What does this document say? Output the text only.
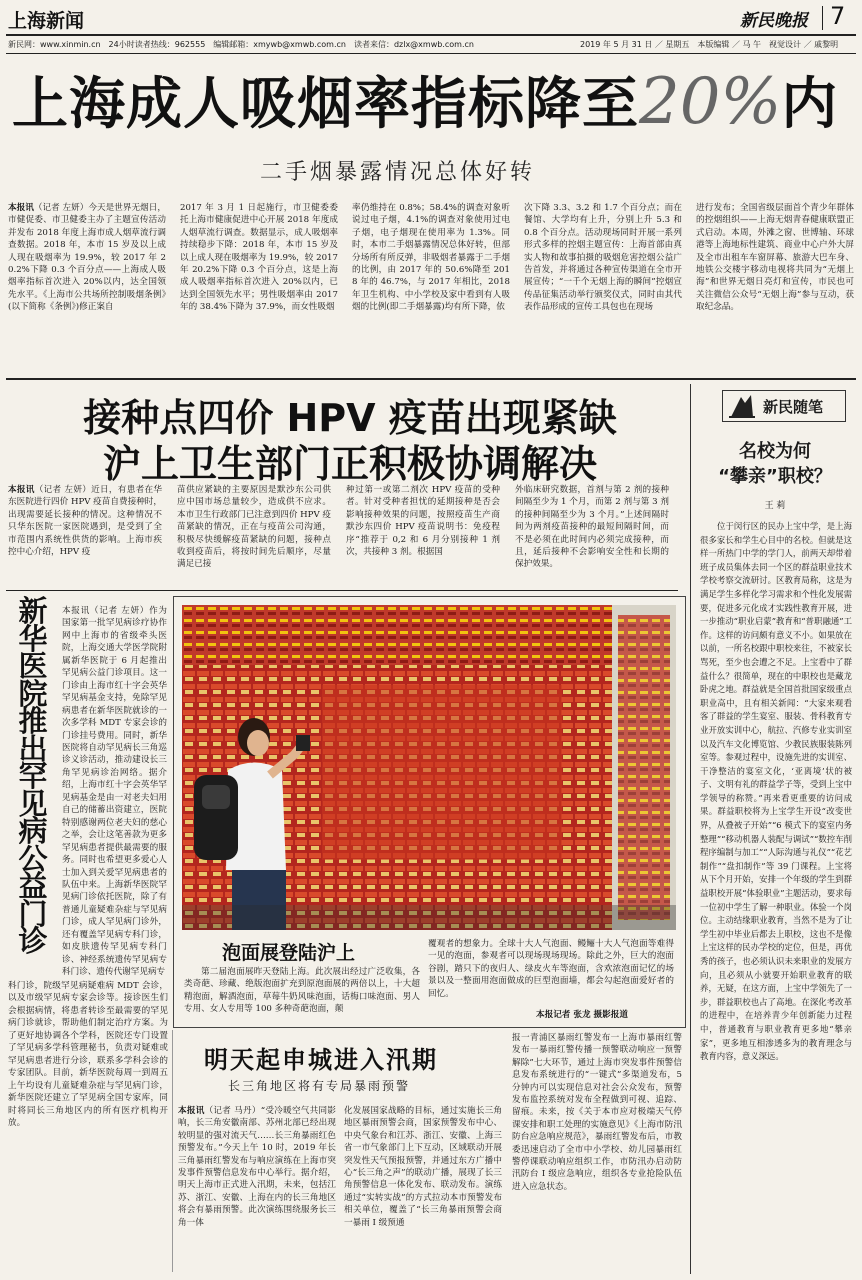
上海新闻	新民晚报 7
新民网：www.xinmin.cn　24小时读者热线：962555　编辑邮箱：xmywb@xmwb.com.cn　读者来信：dzlx@xmwb.com.cn	2019 年 5 月 31 日 ／ 星期五　本版编辑 ／ 马 午　视觉设计 ／ 戚黎明
上海成人吸烟率指标降至20%内
二手烟暴露情况总体好转
本报讯（记者 左妍）今天是世界无烟日，市健促委、市卫健委主办了主题宣传活动并发布 2018 年度上海市成人烟草流行调查数据。2018 年，本市 15 岁及以上成人现在吸烟率为 19.9%，较 2017 年 20.2%下降 0.3 个百分点——上海成人吸烟率指标首次进入 20%以内，达全国领先水平。《上海市公共场所控制吸烟条例》(以下简称《条例》)修正案自
2017 年 3 月 1 日起施行，市卫健委委托上海市健康促进中心开展 2018 年度成人烟草流行调查。数据显示，成人吸烟率持续稳步下降：2018 年，本市 15 岁及以上成人现在吸烟率为 19.9%，较 2017 年 20.2%下降 0.3 个百分点，这是上海成人吸烟率指标首次进入 20%以内，已达到全国领先水平；男性吸烟率由 2017 年的 38.4%下降为 37.9%，而女性吸烟
率仍维持在 0.8%；58.4%的调查对象听说过电子烟，4.1%的调查对象使用过电子烟，电子烟现在使用率为 1.3%。同时，本市二手烟暴露情况总体好转，但部分场所有所反弹，非吸烟者暴露于二手烟的比例，由 2017 年的 50.6%降至 2018 年的 46.7%，与 2017 年相比，2018 年卫生机构、中小学校及家中看到有人吸烟的比例(即二手烟暴露)均有所下降，依
次下降 3.3、3.2 和 1.7 个百分点；而在餐馆、大学均有上升，分别上升 5.3 和 0.8 个百分点。活动现场同时开展一系列形式多样的控烟主题宣传：上海首部由真实人物和故事拍摄的吸烟危害控烟公益广告首发，并将通过各种宣传渠道在全市开展宣传；“一千个无烟上海的瞬间”控烟宣传品征集活动举行颁奖仪式，同时由其代表作品形成的宣传工具包也在现场
进行发布；全国省级层面首个青少年群体的控烟组织——上海无烟青春健康联盟正式启动。本周，外滩之窗、世博轴、环球港等上海地标性建筑、商业中心户外大屏及全市出租车车窗屏幕、旅游大巴车身、地铁公交楼宇移动电视将共同为“无烟上海”和世界无烟日亮灯和宣传，市民也可关注微信公众号“无烟上海”参与互动，获取纪念品。
接种点四价 HPV 疫苗出现紧缺
沪上卫生部门正积极协调解决
本报讯（记者 左妍）近日，有患者在华东医院进行四价 HPV 疫苗自费接种时，出现需要延长接种的情况。这种情况不只华东医院一家医院遇到，是受到了全市范围内系统性供货的影响。上海市疾控中心介绍，HPV 疫
苗供应紧缺的主要原因是默沙东公司供应中国市场总量较少，造成供不应求。本市卫生行政部门已注意到四价 HPV 疫苗紧缺的情况，正在与疫苗公司沟通，积极尽快缓解疫苗紧缺的问题，接种点收到疫苗后，将按时间先后顺序，尽量满足已接
种过第一或第二剂次 HPV 疫苗的受种者。针对受种者担忧的延期接种是否会影响接种效果的问题，按照疫苗生产商默沙东四价 HPV 疫苗说明书：免疫程序“推荐于 0,2 和 6 月分别接种 1 剂次，共接种 3 剂。根据国
外临床研究数据，首剂与第 2 剂的接种间隔至少为 1 个月，而第 2 剂与第 3 剂的接种间隔至少为 3 个月。”上述间隔时间为两剂疫苗接种的最短间隔时间，而不是必须在此时间内必须完成接种，而且，延后接种不会影响安全性和长期的保护效果。
新民随笔
名校为何
“攀亲”职校？
王 莉
位于闵行区的民办上宝中学，是上海很多家长和学生心目中的名校。但就是这样一所热门中学的学门人，前两天却带着班子成员集体去同一个区的群益职业技术学校考察交流研讨。区教育局称，这是为满足学生多样化学习需求和个性化发展需要，促进多元化成才实践性教育开展，进一步推动“职业启蒙”教育和“普职融通”工作。这样的访问颇有意义不小。如果放在以前，一所名校跟中职校来往，不被家长骂死，至少也会遭之不足。上宝看中了群益什么？很简单，现在的中职校也是藏龙卧虎之地。群益就是全国首批国家级重点职业高中，且有相关新闻：“大家来观看客了群益的学生宴室、服装、骨科教育专业开放实训中心，航拉、汽修专业实训室以及汽车文化博览馆、少教民族服装陈列室等。参观过程中，设施先进的实训室、干净整洁的宴室文化，‘亚离境’状的被子、文明有礼的群益学子等，受到上宝中学领导的称赞。”再来看更重要的访问成果。群益职校将为上宝学生开设“改变世界，从叠被子开始”“6 模式下的宴室内务整理”“移动机器人装配与调试”“数控车削程序编制与加工”“人际沟通与礼仪”“花艺制作”“盘扣制作”等 39 门课程。上宝将从下个月开始，安排一个年级的学生到群益职校开展“体验职业”主题活动，要求每一位初中学生了解一种职业。体验一个岗位。主动结缘职业教育，当然不是为了让学生初中毕业后都去上职校，这也不是像上宝这样的民办学校的定位，但是，再优秀的孩子，也必须认识未来职业的发展方向，且必须从小就要开始职业教育的联养，无疑，在这方面，上宝中学领先了一步，群益职校也占了高地。在深化考改革的进程中，在培养青少年创新能力过程中，普通教育与职业教育更多地“攀亲家”，更多地互相渗透多为的教育理念与教育内容，意义深远。
新
华
医
院
推
出
罕
见
病
公
益
门
诊
本报讯（记者 左妍）作为国家第一批罕见病诊疗协作网中上海市的省级牵头医院，上海交通大学医学院附属新华医院于 6 月起推出罕见病公益门诊项目。这一门诊由上海市红十字会英华罕见病基金支持，免除罕见病患者在新华医院就诊的一次多学科 MDT 专家会诊的门诊挂号费用。同时，新华医院将自动罕见病长三角巡诊义诊活动，推动建设长三角罕见病诊治网络。据介绍，上海市红十字会英华罕见病基金是由一对老夫妇用自己的储蓄出资建立，医院特别感谢两位老夫妇的慈心之举，会让这笔善款为更多罕见病患者提供最需要的服务。同时也希望更多爱心人士加入到关爱罕见病患者的队伍中来。上海新华医院罕见病门诊依托医院，除了有普通儿童疑难杂症与罕见病门诊，成人罕见病门诊外，还有覆盖罕见病专科门诊，如皮肤遗传罕见病专科门诊、神经系统遗传罕见病专科门诊、遗传代谢罕见病专
科门诊，院级罕见病疑难病 MDT 会诊，以及市级罕见病专家会诊等。接诊医生们会根据病情，将患者转诊至最需要的罕见病门诊就诊，帮助他们制定治疗方案。为了更好地协调各个学科，医院还专门设置了罕见病多学科管理秘书，负责对疑难或罕见病患者进行分诊，联系多学科会诊的专家团队。目前，新华医院每周一到周五上午均设有儿童疑难杂症与罕见病门诊，新华医院还建立了罕见病全国专家库，同时将同长三角地区内的所有医疗机构开放。
泡面展登陆沪上
第二届泡面展昨天登陆上海。此次展出经过广泛收集，各类奇葩、珍藏、绝版泡面扩充到原泡面展的两倍以上，十大超精泡面，解酒泡面，草莓牛奶风味泡面，话梅口味泡面、男人专用、女人专用等 100 多种奇葩泡面，颠
覆观者的想象力。全球十大人气泡面、鳗鲡十大人气泡面等难得一见的泡面，参观者可以现场现场现场。除此之外，巨大的泡面谷剧，踏只下的夜归人、绿皮火车等泡面，含欢浓泡面记忆的场景以及一整面用泡面做成的巨型泡面墙，都会勾起泡面爱好者的回忆。
本报记者 张龙 摄影报道
明天起申城进入汛期
长三角地区将有专局暴雨预警
本报讯（记者 马丹）“受冷暖空气共同影响，长三角安徽南部、苏州北部已经出现较明显的强对流天气……长三角暴雨红色预警发布。”今天上午 10 时，2019 年长三角暴雨红警发布与响应演练在上海市突发事件预警信息发布中心举行。据介绍，明天上海市正式进入汛期，未来，包括江苏、浙江、安徽、上海在内的长三角地区将会有暴雨预警。此次演练围绕服务长三角一体
化发展国家战略的目标，通过实施长三角地区暴雨预警会商，国家预警发布中心、中央气象台和江苏、浙江、安徽、上海三省一市气象部门上下互动，区域联动开展突发性天气预报预警，并通过东方广播中心“长三角之声”的联动广播，展现了长三角预警信息一体化发布、联动发布。演练通过“实转实战”的方式拉动本市预警发布相关单位，覆盖了“长三角暴雨预警会商一暴雨 I 级预通
报一青浦区暴雨红警发布一上海市暴雨红警发布一暴雨红警传播一预警联动响应一预警解除”七大环节，通过上海市突发事件预警信息发布系统进行的“一键式”多渠道发布，5 分钟内可以实现信息对社会公众发布，预警发布监控系统对发布全程做到可视、追踪、留痕。未来，按《关于本市应对极端天气停课安排和职工处理的实施意见》《上海市防汛防台应急响应规范》，暴雨红警发布后，市教委迅速启动了全市中小学校、幼儿园暴雨红警停课联动响应组织工作，市防汛办启动防汛防台 I 级应急响应，组织各专业抢险队伍进入应急状态。
